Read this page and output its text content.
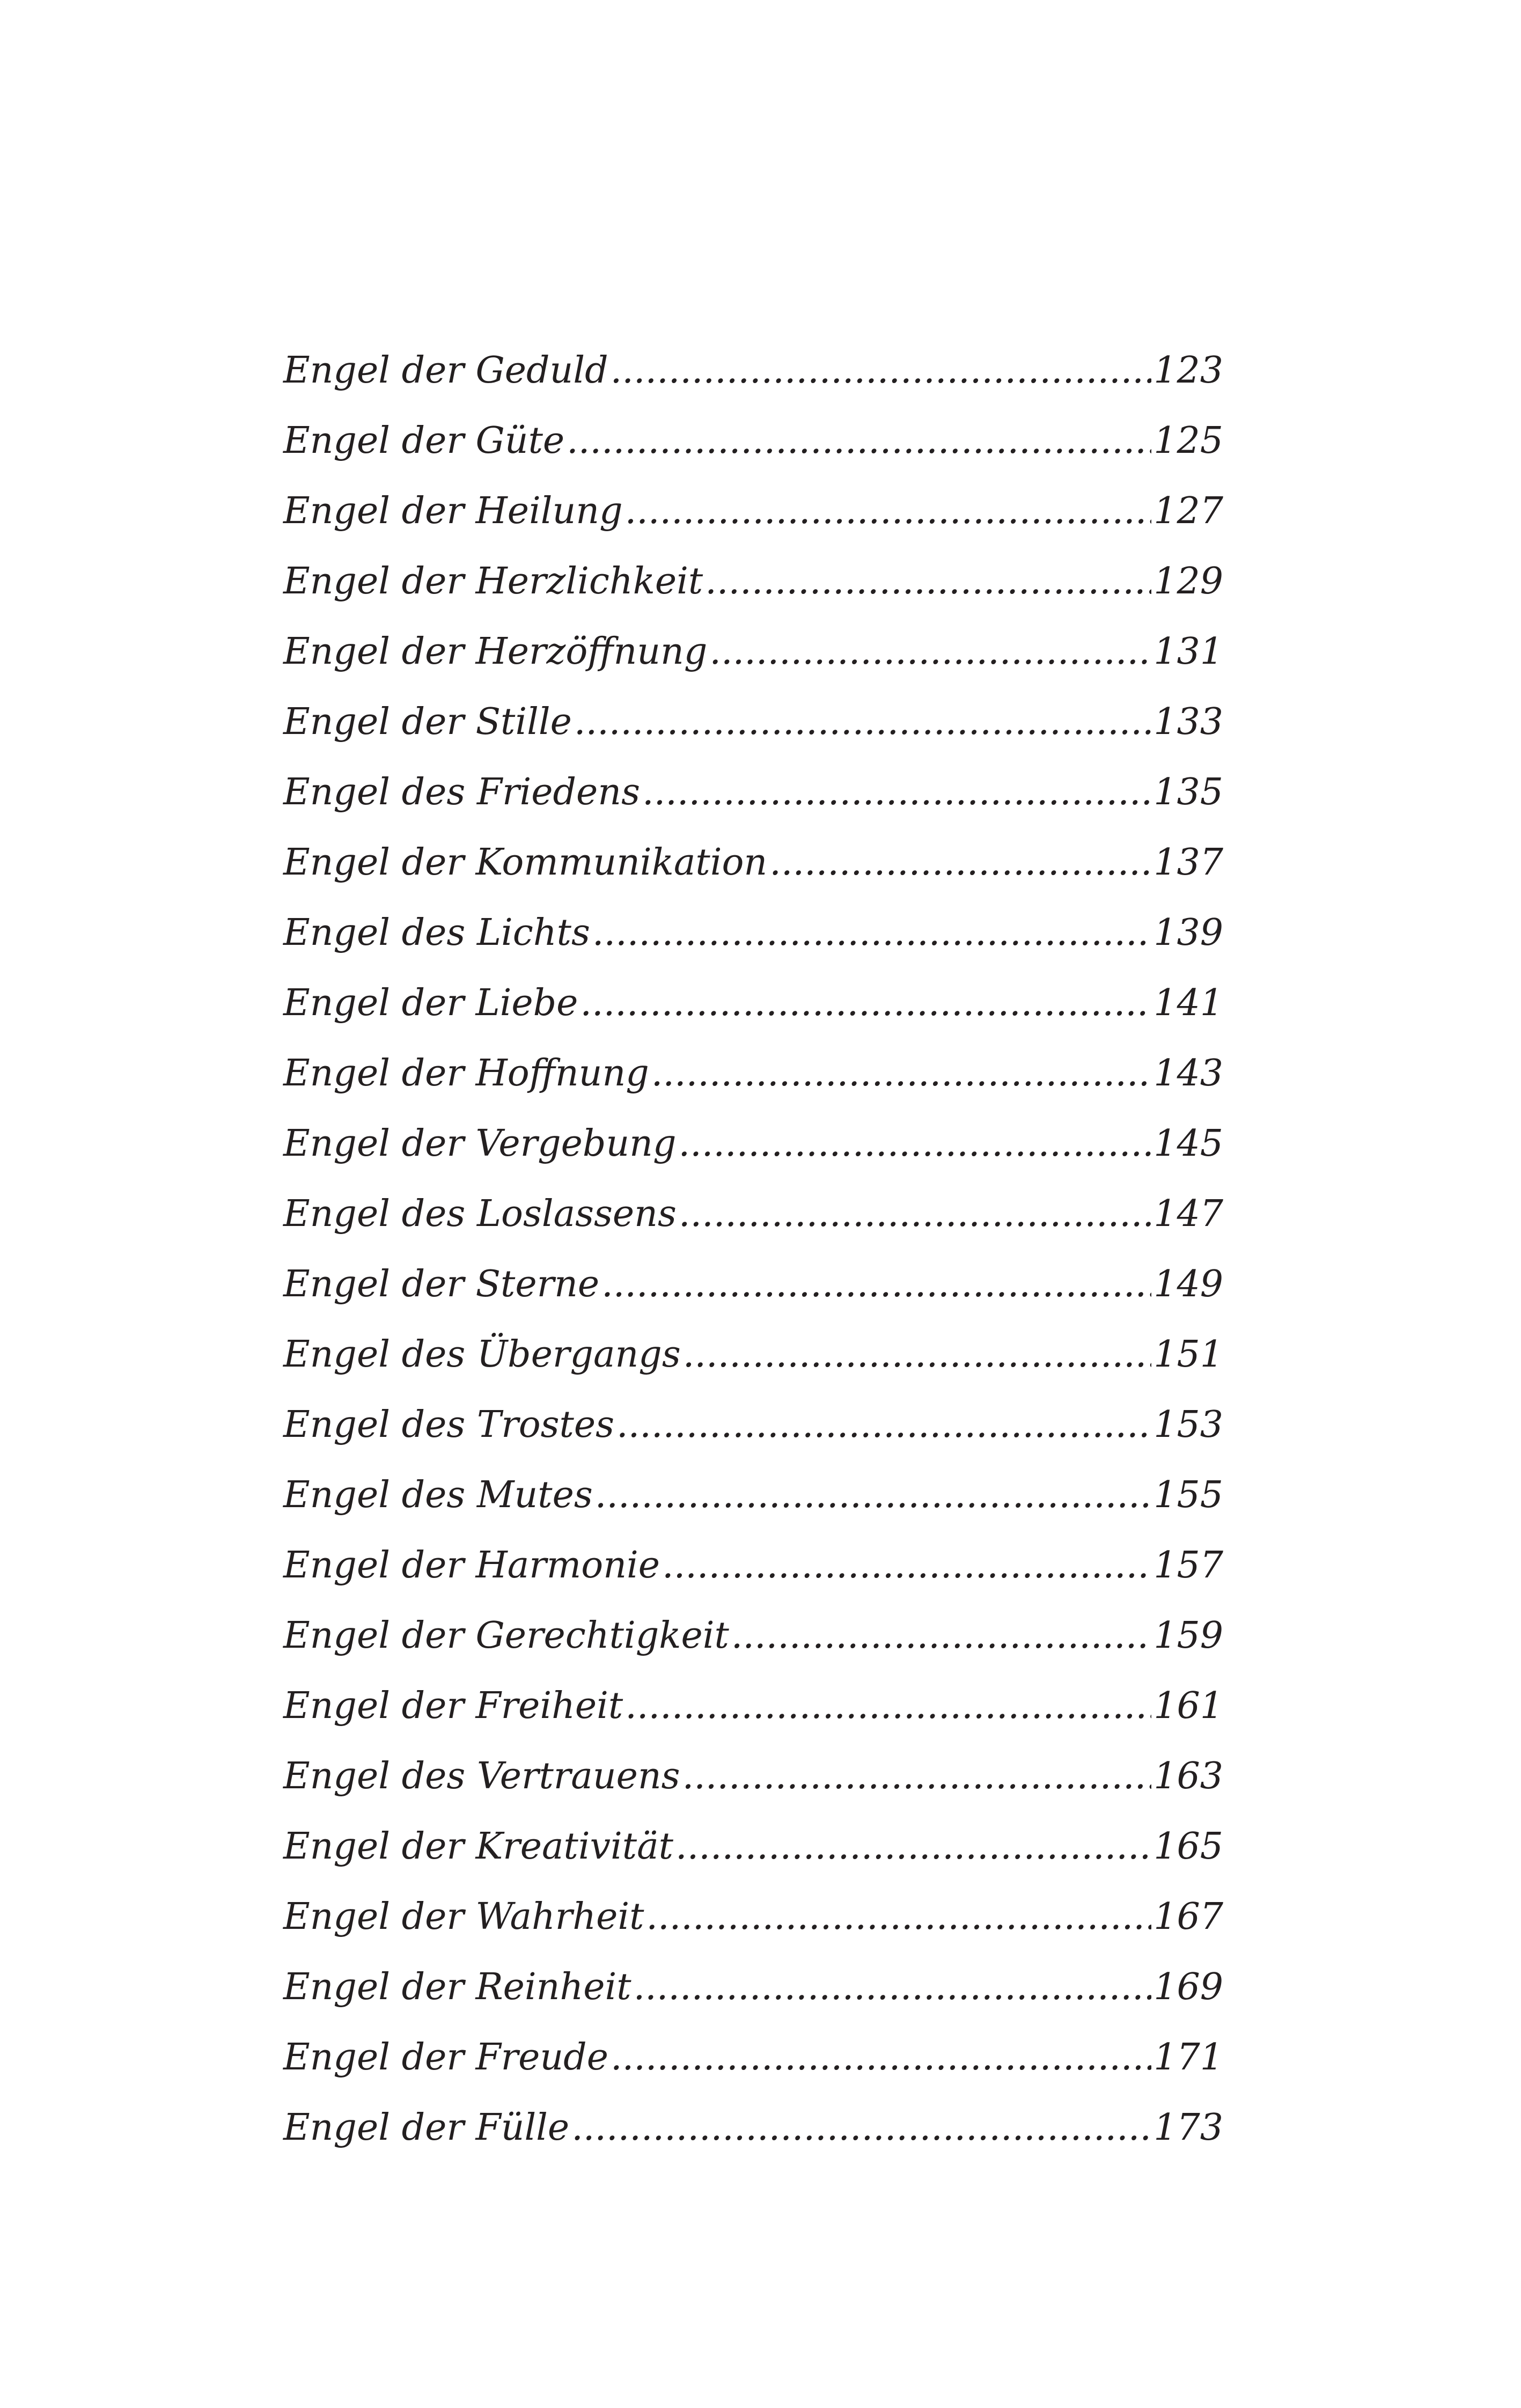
Engel der Geduld .....	123
Engel der Güte .....	125
Engel der Heilung .....	127
Engel der Herzlichkeit .....	129
Engel der Herzöffnung .....	131
Engel der Stille .....	133
Engel des Friedens .....	135
Engel der Kommunikation .....	137
Engel des Lichts .....	139
Engel der Liebe .....	141
Engel der Hoffnung .....	143
Engel der Vergebung .....	145
Engel des Loslassens .....	147
Engel der Sterne .....	149
Engel des Übergangs .....	151
Engel des Trostes .....	153
Engel des Mutes .....	155
Engel der Harmonie .....	157
Engel der Gerechtigkeit .....	159
Engel der Freiheit .....	161
Engel des Vertrauens .....	163
Engel der Kreativität .....	165
Engel der Wahrheit .....	167
Engel der Reinheit .....	169
Engel der Freude .....	171
Engel der Fülle .....	173
